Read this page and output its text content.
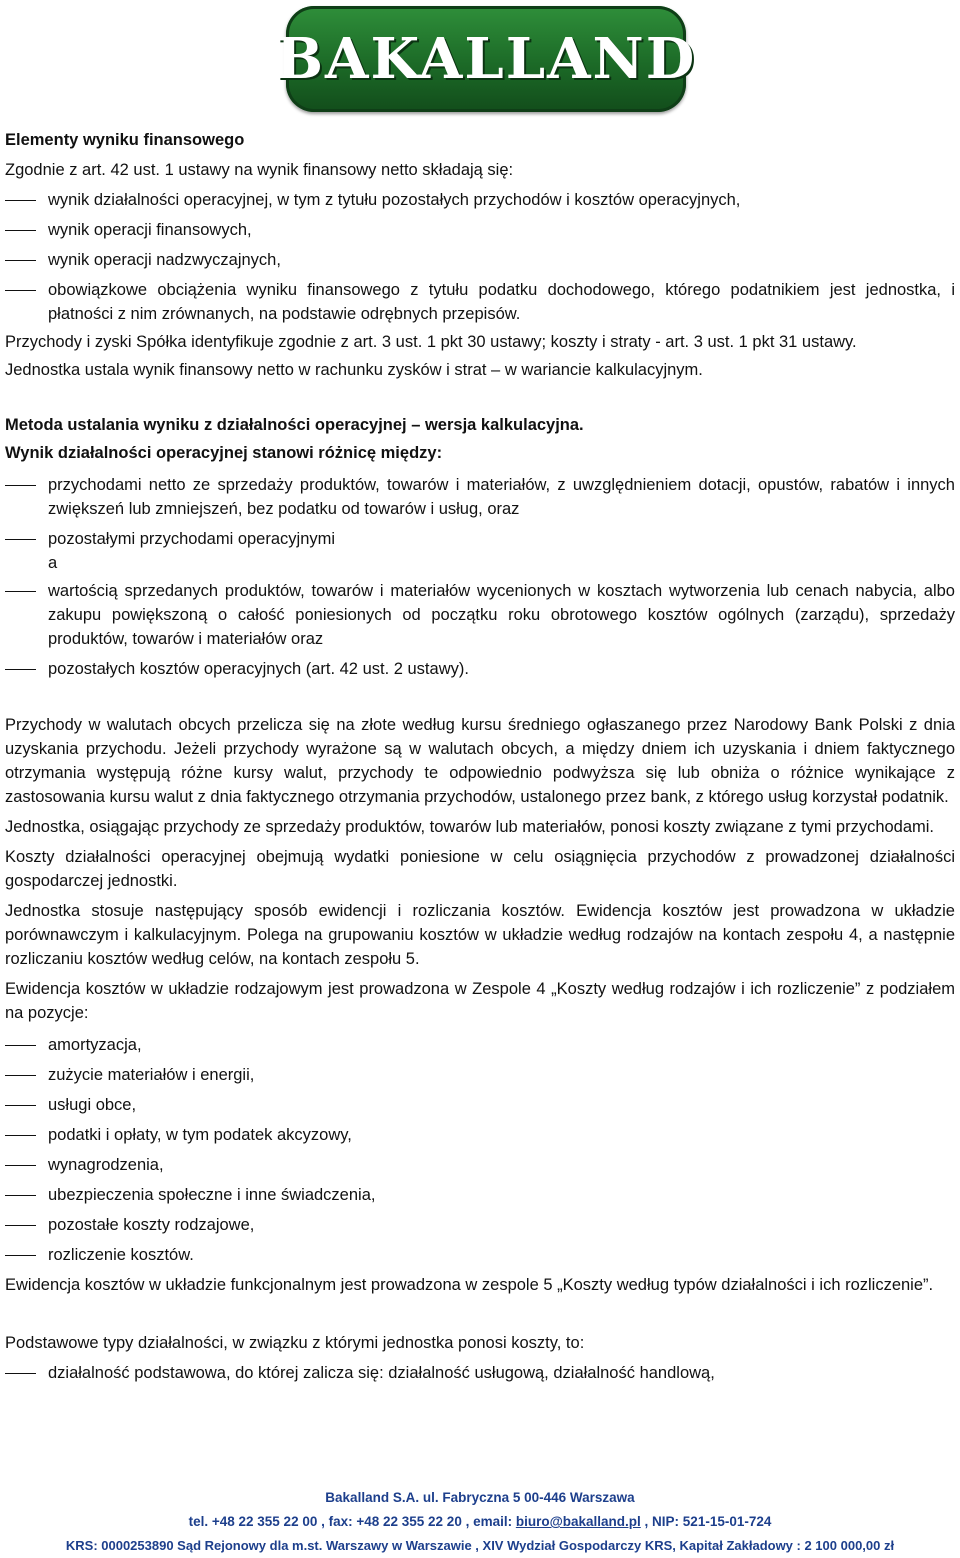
BAKALLAND

Elementy wyniku finansowego

Zgodnie z art. 42 ust. 1 ustawy na wynik finansowy netto składają się:

wynik działalności operacyjnej, w tym z tytułu pozostałych przychodów i kosztów operacyjnych,
wynik operacji finansowych,
wynik operacji nadzwyczajnych,
obowiązkowe obciążenia wyniku finansowego z tytułu podatku dochodowego, którego podatnikiem jest jednostka, i płatności z nim zrównanych, na podstawie odrębnych przepisów.

Przychody i zyski Spółka identyfikuje zgodnie z art. 3 ust. 1 pkt 30 ustawy; koszty i straty - art. 3 ust. 1 pkt 31 ustawy.

Jednostka ustala wynik finansowy netto w rachunku zysków i strat – w wariancie kalkulacyjnym.

Metoda ustalania wyniku z działalności operacyjnej – wersja kalkulacyjna.

Wynik działalności operacyjnej stanowi różnicę między:

przychodami netto ze sprzedaży produktów, towarów i materiałów, z uwzględnieniem dotacji, opustów, rabatów i innych zwiększeń lub zmniejszeń, bez podatku od towarów i usług, oraz
pozostałymi przychodami operacyjnymi
a
wartością sprzedanych produktów, towarów i materiałów wycenionych w kosztach wytworzenia lub cenach nabycia, albo zakupu powiększoną o całość poniesionych od początku roku obrotowego kosztów ogólnych (zarządu), sprzedaży produktów, towarów i materiałów oraz
pozostałych kosztów operacyjnych (art. 42 ust. 2 ustawy).

Przychody w walutach obcych przelicza się na złote według kursu średniego ogłaszanego przez Narodowy Bank Polski z dnia uzyskania przychodu. Jeżeli przychody wyrażone są w walutach obcych, a między dniem ich uzyskania i dniem faktycznego otrzymania występują różne kursy walut, przychody te odpowiednio podwyższa się lub obniża o różnice wynikające z zastosowania kursu walut z dnia faktycznego otrzymania przychodów, ustalonego przez bank, z którego usług korzystał podatnik.

Jednostka, osiągając przychody ze sprzedaży produktów, towarów lub materiałów, ponosi koszty związane z tymi przychodami.

Koszty działalności operacyjnej obejmują wydatki poniesione w celu osiągnięcia przychodów z prowadzonej działalności gospodarczej jednostki.

Jednostka stosuje następujący sposób ewidencji i rozliczania kosztów. Ewidencja kosztów jest prowadzona w układzie porównawczym i kalkulacyjnym. Polega na grupowaniu kosztów w układzie według rodzajów na kontach zespołu 4, a następnie rozliczaniu kosztów według celów, na kontach zespołu 5.

Ewidencja kosztów w układzie rodzajowym jest prowadzona w Zespole 4 „Koszty według rodzajów i ich rozliczenie” z podziałem na pozycje:

amortyzacja,
zużycie materiałów i energii,
usługi obce,
podatki i opłaty, w tym podatek akcyzowy,
wynagrodzenia,
ubezpieczenia społeczne i inne świadczenia,
pozostałe koszty rodzajowe,
rozliczenie kosztów.

Ewidencja kosztów w układzie funkcjonalnym jest prowadzona w zespole 5 „Koszty według typów działalności i ich rozliczenie”.

Podstawowe typy działalności, w związku z którymi jednostka ponosi koszty, to:

działalność podstawowa, do której zalicza się: działalność usługową, działalność handlową,
Bakalland S.A. ul. Fabryczna 5 00-446 Warszawa
tel. +48 22 355 22 00 , fax: +48 22 355 22 20 , email: biuro@bakalland.pl , NIP: 521-15-01-724
KRS: 0000253890 Sąd Rejonowy dla m.st. Warszawy w Warszawie , XIV Wydział Gospodarczy KRS, Kapitał Zakładowy : 2 100 000,00 zł
